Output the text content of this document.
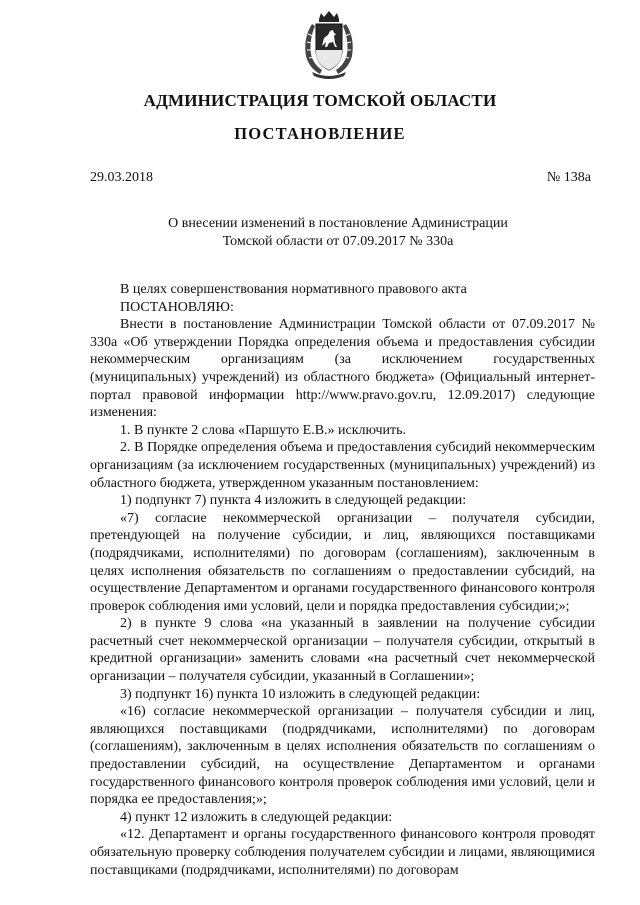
АДМИНИСТРАЦИЯ ТОМСКОЙ ОБЛАСТИ
ПОСТАНОВЛЕНИЕ
29.03.2018	№ 138а
О внесении изменений в постановление Администрации
Томской области от 07.09.2017 № 330а

В целях совершенствования нормативного правового акта

ПОСТАНОВЛЯЮ:

Внести в постановление Администрации Томской области от 07.09.2017 № 330а «Об утверждении Порядка определения объема и предоставления субсидии некоммерческим организациям (за исключением государственных (муниципальных) учреждений) из областного бюджета» (Официальный интернет-портал правовой информации http://www.pravo.gov.ru, 12.09.2017) следующие изменения:

1. В пункте 2 слова «Паршуто Е.В.» исключить.

2. В Порядке определения объема и предоставления субсидий некоммерческим организациям (за исключением государственных (муниципальных) учреждений) из областного бюджета, утвержденном указанным постановлением:

1) подпункт 7) пункта 4 изложить в следующей редакции:

«7) согласие некоммерческой организации – получателя субсидии, претендующей на получение субсидии, и лиц, являющихся поставщиками (подрядчиками, исполнителями) по договорам (соглашениям), заключенным в целях исполнения обязательств по соглашениям о предоставлении субсидий, на осуществление Департаментом и органами государственного финансового контроля проверок соблюдения ими условий, цели и порядка предоставления субсидии;»;

2) в пункте 9 слова «на указанный в заявлении на получение субсидии расчетный счет некоммерческой организации – получателя субсидии, открытый в кредитной организации» заменить словами «на расчетный счет некоммерческой организации – получателя субсидии, указанный в Соглашении»;

3) подпункт 16) пункта 10 изложить в следующей редакции:

«16) согласие некоммерческой организации – получателя субсидии и лиц, являющихся поставщиками (подрядчиками, исполнителями) по договорам (соглашениям), заключенным в целях исполнения обязательств по соглашениям о предоставлении субсидий, на осуществление Департаментом и органами государственного финансового контроля проверок соблюдения ими условий, цели и порядка ее предоставления;»;

4) пункт 12 изложить в следующей редакции:

«12. Департамент и органы государственного финансового контроля проводят обязательную проверку соблюдения получателем субсидии и лицами, являющимися поставщиками (подрядчиками, исполнителями) по договорам
